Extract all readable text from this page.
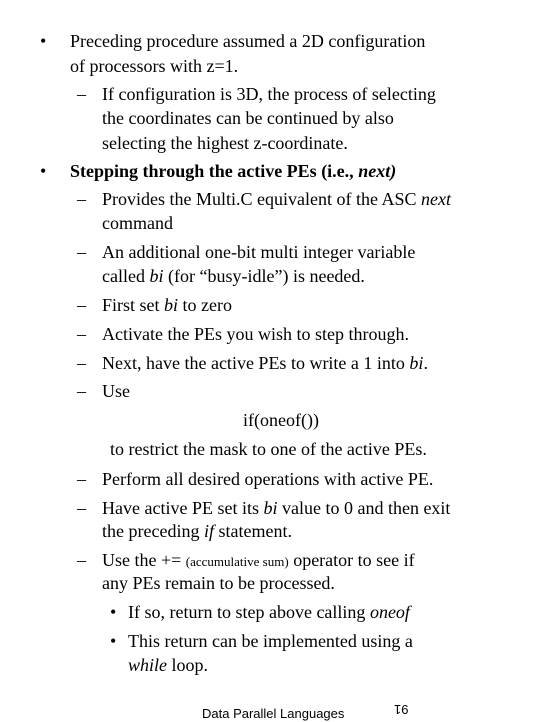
• Preceding procedure assumed a 2D configuration
of processors with z=1.
– If configuration is 3D, the process of selecting
the coordinates can be continued by also
selecting the highest z-coordinate.
• Stepping through the active PEs (i.e., next)
– Provides the Multi.C equivalent of the ASC next
command
– An additional one-bit multi integer variable
called bi (for “busy-idle”) is needed.
– First set bi to zero
– Activate the PEs you wish to step through.
– Next, have the active PEs to write a 1 into bi.
– Use
if(oneof())
to restrict the mask to one of the active PEs.
– Perform all desired operations with active PE.
– Have active PE set its bi value to 0 and then exit
the preceding if statement.
– Use the += (accumulative sum) operator to see if
any PEs remain to be processed.
• If so, return to step above calling oneof
• This return can be implemented using a
while loop.
Data Parallel Languages	91
